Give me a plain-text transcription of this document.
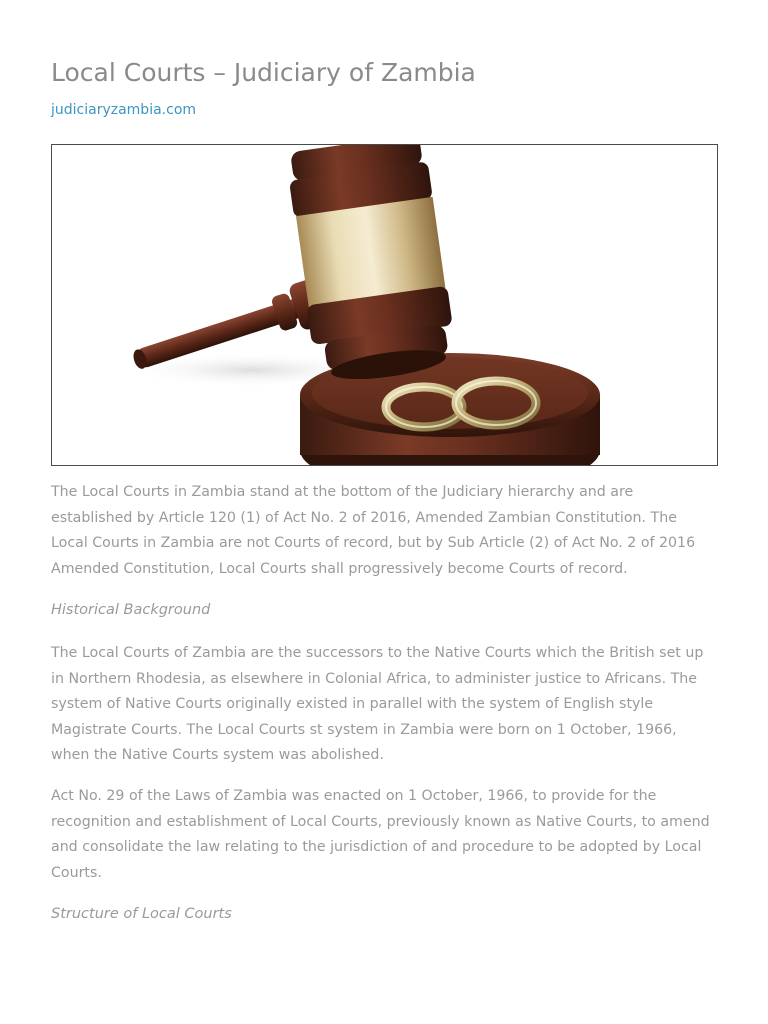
Local Courts – Judiciary of Zambia
judiciaryzambia.com

The Local Courts in Zambia stand at the bottom of the Judiciary hierarchy and are established by Article 120 (1) of Act No. 2 of 2016, Amended Zambian Constitution. The Local Courts in Zambia are not Courts of record, but by Sub Article (2) of Act No. 2 of 2016 Amended Constitution, Local Courts shall progressively become Courts of record.

Historical Background

The Local Courts of Zambia are the successors to the Native Courts which the British set up in Northern Rhodesia, as elsewhere in Colonial Africa, to administer justice to Africans. The system of Native Courts originally existed in parallel with the system of English style Magistrate Courts. The Local Courts st system in Zambia were born on 1 October, 1966, when the Native Courts system was abolished.

Act No. 29 of the Laws of Zambia was enacted on 1 October, 1966, to provide for the recognition and establishment of Local Courts, previously known as Native Courts, to amend and consolidate the law relating to the jurisdiction of and procedure to be adopted by Local Courts.

Structure of Local Courts
